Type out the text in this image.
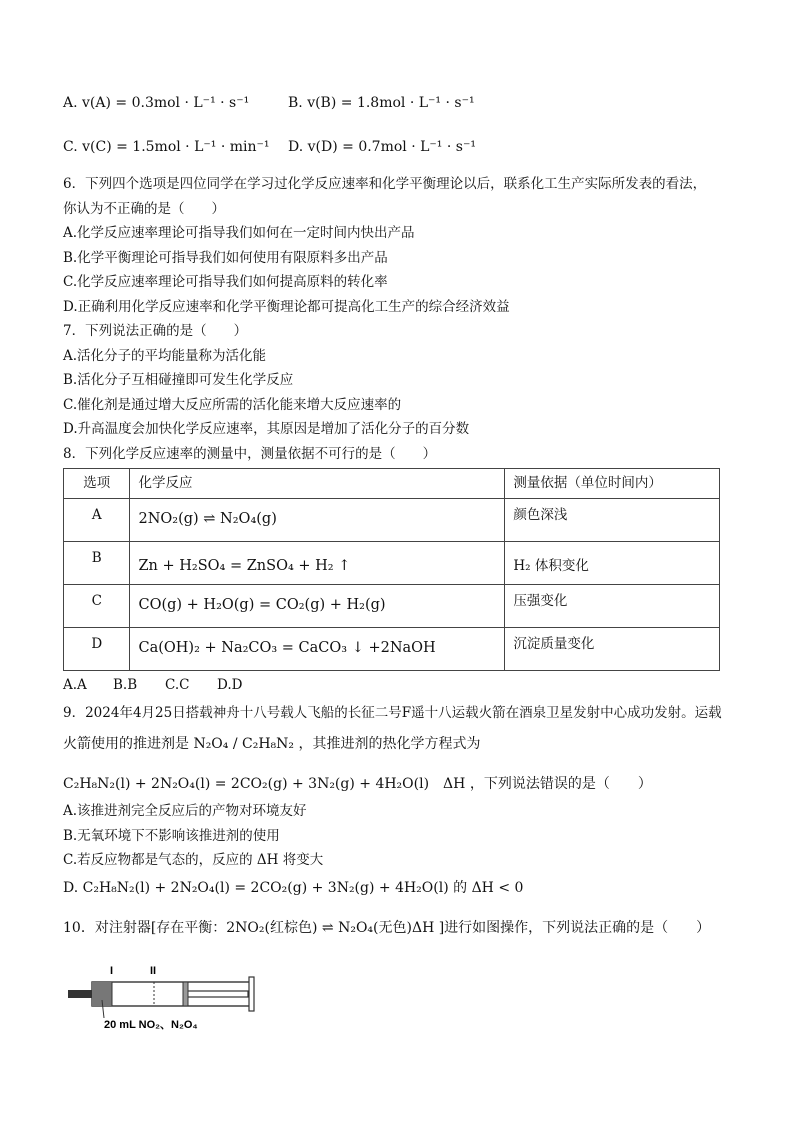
A. v(A) = 0.3mol · L⁻¹ · s⁻¹	B. v(B) = 1.8mol · L⁻¹ · s⁻¹
C. v(C) = 1.5mol · L⁻¹ · min⁻¹ D. v(D) = 0.7mol · L⁻¹ · s⁻¹

6．下列四个选项是四位同学在学习过化学反应速率和化学平衡理论以后，联系化工生产实际所发表的看法，

你认为不正确的是（　　）

A.化学反应速率理论可指导我们如何在一定时间内快出产品

B.化学平衡理论可指导我们如何使用有限原料多出产品

C.化学反应速率理论可指导我们如何提高原料的转化率

D.正确利用化学反应速率和化学平衡理论都可提高化工生产的综合经济效益

7．下列说法正确的是（　　）

A.活化分子的平均能量称为活化能

B.活化分子互相碰撞即可发生化学反应

C.催化剂是通过增大反应所需的活化能来增大反应速率的

D.升高温度会加快化学反应速率，其原因是增加了活化分子的百分数

8．下列化学反应速率的测量中，测量依据不可行的是（　　）

选项	化学反应	测量依据（单位时间内）
A	2NO₂(g) ⇌ N₂O₄(g)	颜色深浅
B	Zn + H₂SO₄ = ZnSO₄ + H₂ ↑	H₂ 体积变化
C	CO(g) + H₂O(g) = CO₂(g) + H₂(g)	压强变化
D	Ca(OH)₂ + Na₂CO₃ = CaCO₃ ↓ +2NaOH	沉淀质量变化
A.A B.B C.C D.D

9．2024年4月25日搭载神舟十八号载人飞船的长征二号F遥十八运载火箭在酒泉卫星发射中心成功发射。运载

火箭使用的推进剂是 N₂O₄ / C₂H₈N₂ ，其推进剂的热化学方程式为

C₂H₈N₂(l) + 2N₂O₄(l) = 2CO₂(g) + 3N₂(g) + 4H₂O(l)　ΔH ，下列说法错误的是（　　）

A.该推进剂完全反应后的产物对环境友好

B.无氧环境下不影响该推进剂的使用

C.若反应物都是气态的，反应的 ΔH 将变大

D. C₂H₈N₂(l) + 2N₂O₄(l) = 2CO₂(g) + 3N₂(g) + 4H₂O(l) 的 ΔH < 0

10．对注射器[存在平衡：2NO₂(红棕色) ⇌ N₂O₄(无色)ΔH ]进行如图操作，下列说法正确的是（　　）

I	II
20 mL NO₂、N₂O₄
